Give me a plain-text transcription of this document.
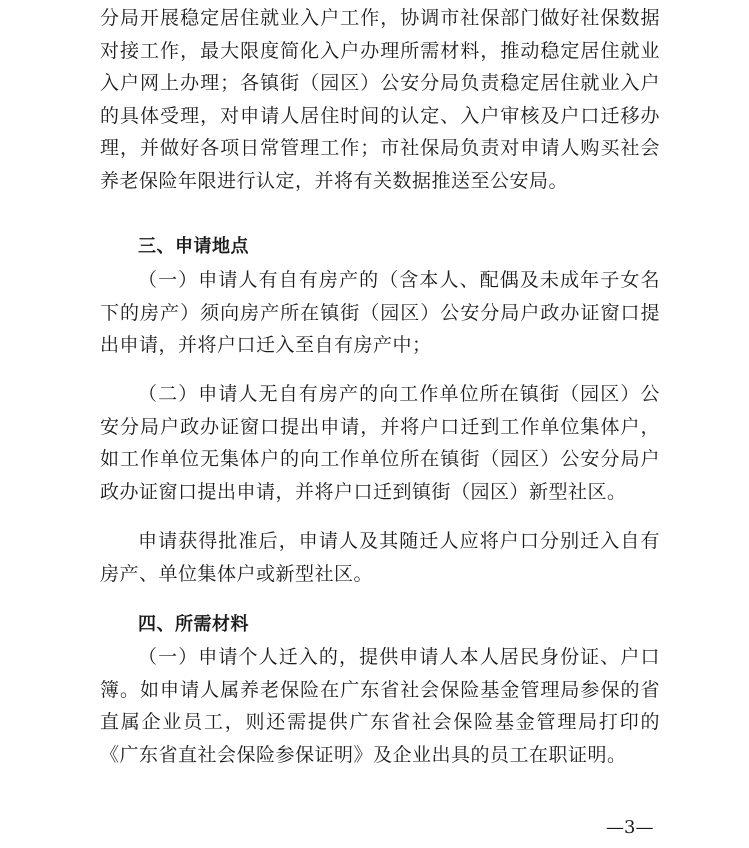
分局开展稳定居住就业入户工作，协调市社保部门做好社保数据对接工作，最大限度简化入户办理所需材料，推动稳定居住就业入户网上办理；各镇街（园区）公安分局负责稳定居住就业入户的具体受理，对申请人居住时间的认定、入户审核及户口迁移办理，并做好各项日常管理工作；市社保局负责对申请人购买社会养老保险年限进行认定，并将有关数据推送至公安局。

三、申请地点

（一）申请人有自有房产的（含本人、配偶及未成年子女名下的房产）须向房产所在镇街（园区）公安分局户政办证窗口提出申请，并将户口迁入至自有房产中；

（二）申请人无自有房产的向工作单位所在镇街（园区）公安分局户政办证窗口提出申请，并将户口迁到工作单位集体户，如工作单位无集体户的向工作单位所在镇街（园区）公安分局户政办证窗口提出申请，并将户口迁到镇街（园区）新型社区。

申请获得批准后，申请人及其随迁人应将户口分别迁入自有房产、单位集体户或新型社区。

四、所需材料

（一）申请个人迁入的，提供申请人本人居民身份证、户口簿。如申请人属养老保险在广东省社会保险基金管理局参保的省直属企业员工，则还需提供广东省社会保险基金管理局打印的《广东省直社会保险参保证明》及企业出具的员工在职证明。

—3—
